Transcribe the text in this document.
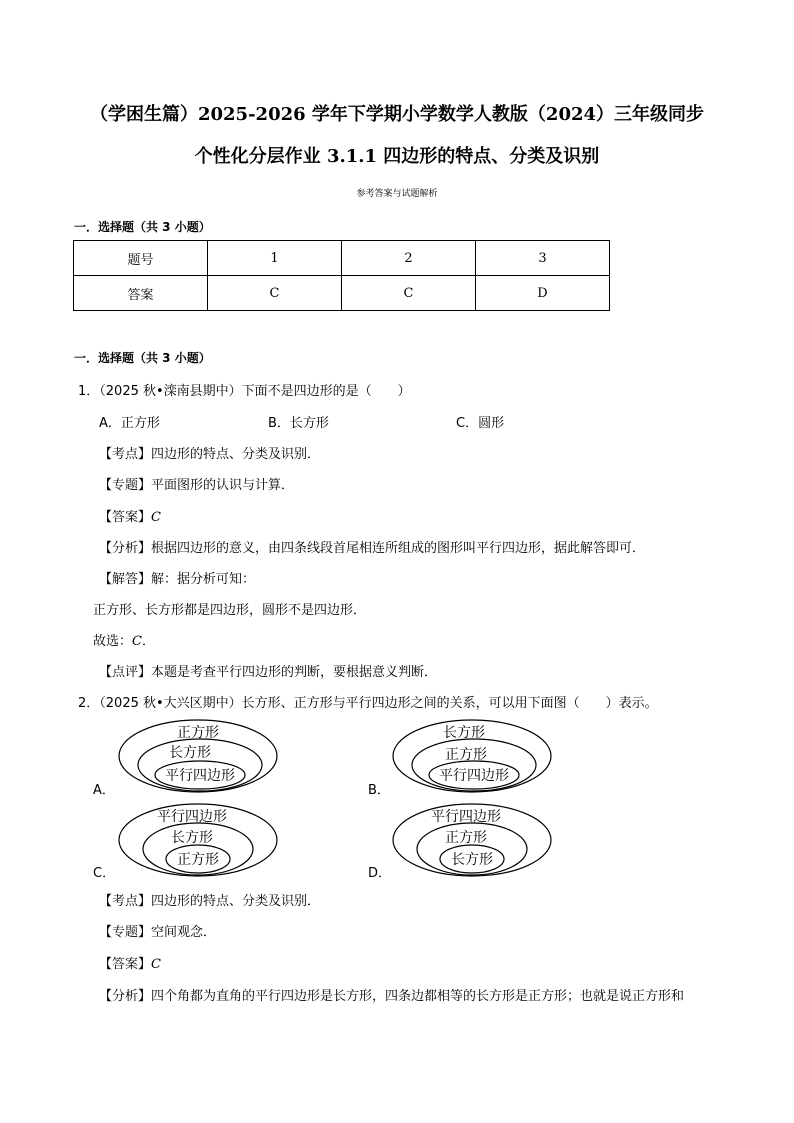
（学困生篇）2025-2026 学年下学期小学数学人教版（2024）三年级同步
个性化分层作业 3.1.1 四边形的特点、分类及识别
参考答案与试题解析
一．选择题（共 3 小题）
题号	1	2	3
答案	C	C	D
一．选择题（共 3 小题）
1．（2025 秋•滦南县期中）下面不是四边形的是（　　）
A．正方形	B．长方形	C．圆形
【考点】四边形的特点、分类及识别．
【专题】平面图形的认识与计算．
【答案】C
【分析】根据四边形的意义，由四条线段首尾相连所组成的图形叫平行四边形，据此解答即可．
【解答】解：据分析可知：
正方形、长方形都是四边形，圆形不是四边形．
故选：C．
【点评】本题是考查平行四边形的判断，要根据意义判断．
2．（2025 秋•大兴区期中）长方形、正方形与平行四边形之间的关系，可以用下面图（　　）表示。
A．
正方形
长方形
平行四边形
B．
长方形
正方形
平行四边形
C．
平行四边形
长方形
正方形
D．
平行四边形
正方形
长方形
【考点】四边形的特点、分类及识别．
【专题】空间观念．
【答案】C
【分析】四个角都为直角的平行四边形是长方形，四条边都相等的长方形是正方形；也就是说正方形和
